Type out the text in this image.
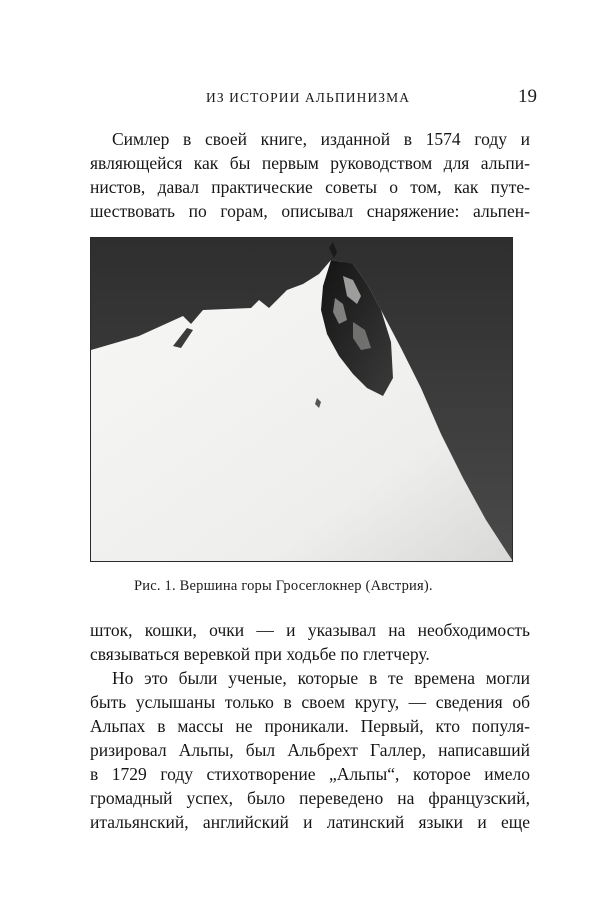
ИЗ ИСТОРИИ АЛЬПИНИЗМА	19
Симлер в своей книге, изданной в 1574 году и
являющейся как бы первым руководством для альпи-
нистов, давал практические советы о том, как путе-
шествовать по горам, описывал снаряжение: альпен-
Рис. 1. Вершина горы Гросеглокнер (Австрия).
шток, кошки, очки — и указывал на необходимость
связываться веревкой при ходьбе по глетчеру.
Но это были ученые, которые в те времена могли
быть услышаны только в своем кругу, — сведения об
Альпах в массы не проникали. Первый, кто популя-
ризировал Альпы, был Альбрехт Галлер, написавший
в 1729 году стихотворение „Альпы“, которое имело
громадный успех, было переведено на французский,
итальянский, английский и латинский языки и еще
